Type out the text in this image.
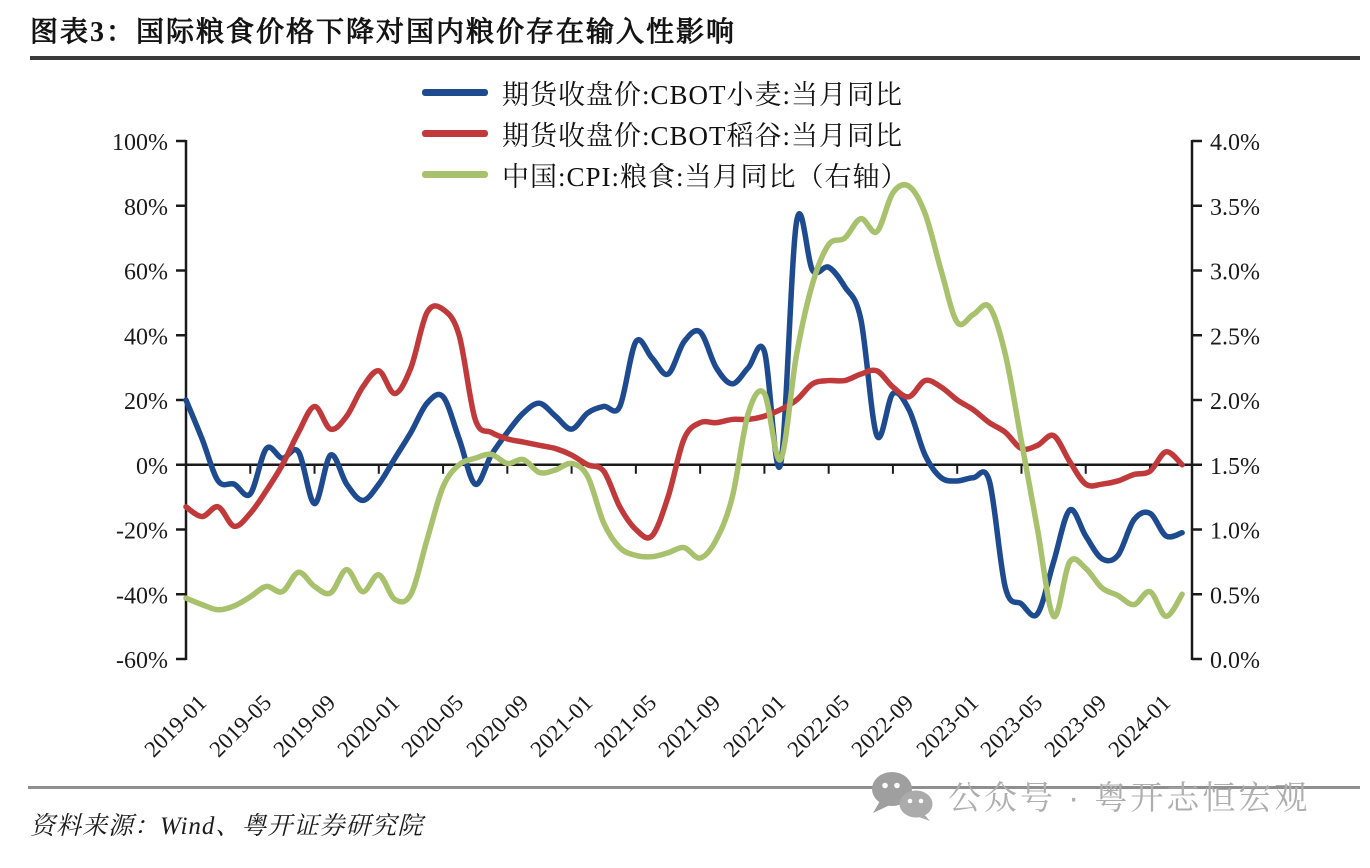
图表3：国际粮食价格下降对国内粮价存在输入性影响
期货收盘价:CBOT小麦:当月同比
期货收盘价:CBOT稻谷:当月同比
中国:CPI:粮食:当月同比（右轴）
100%
80%
60%
40%
20%
0%
-20%
-40%
-60%
4.0%
3.5%
3.0%
2.5%
2.0%
1.5%
1.0%
0.5%
0.0%
2019-01
2019-05
2019-09
2020-01
2020-05
2020-09
2021-01
2021-05
2021-09
2022-01
2022-05
2022-09
2023-01
2023-05
2023-09
2024-01
公众号 · 粤开志恒宏观
资料来源：Wind、粤开证券研究院
